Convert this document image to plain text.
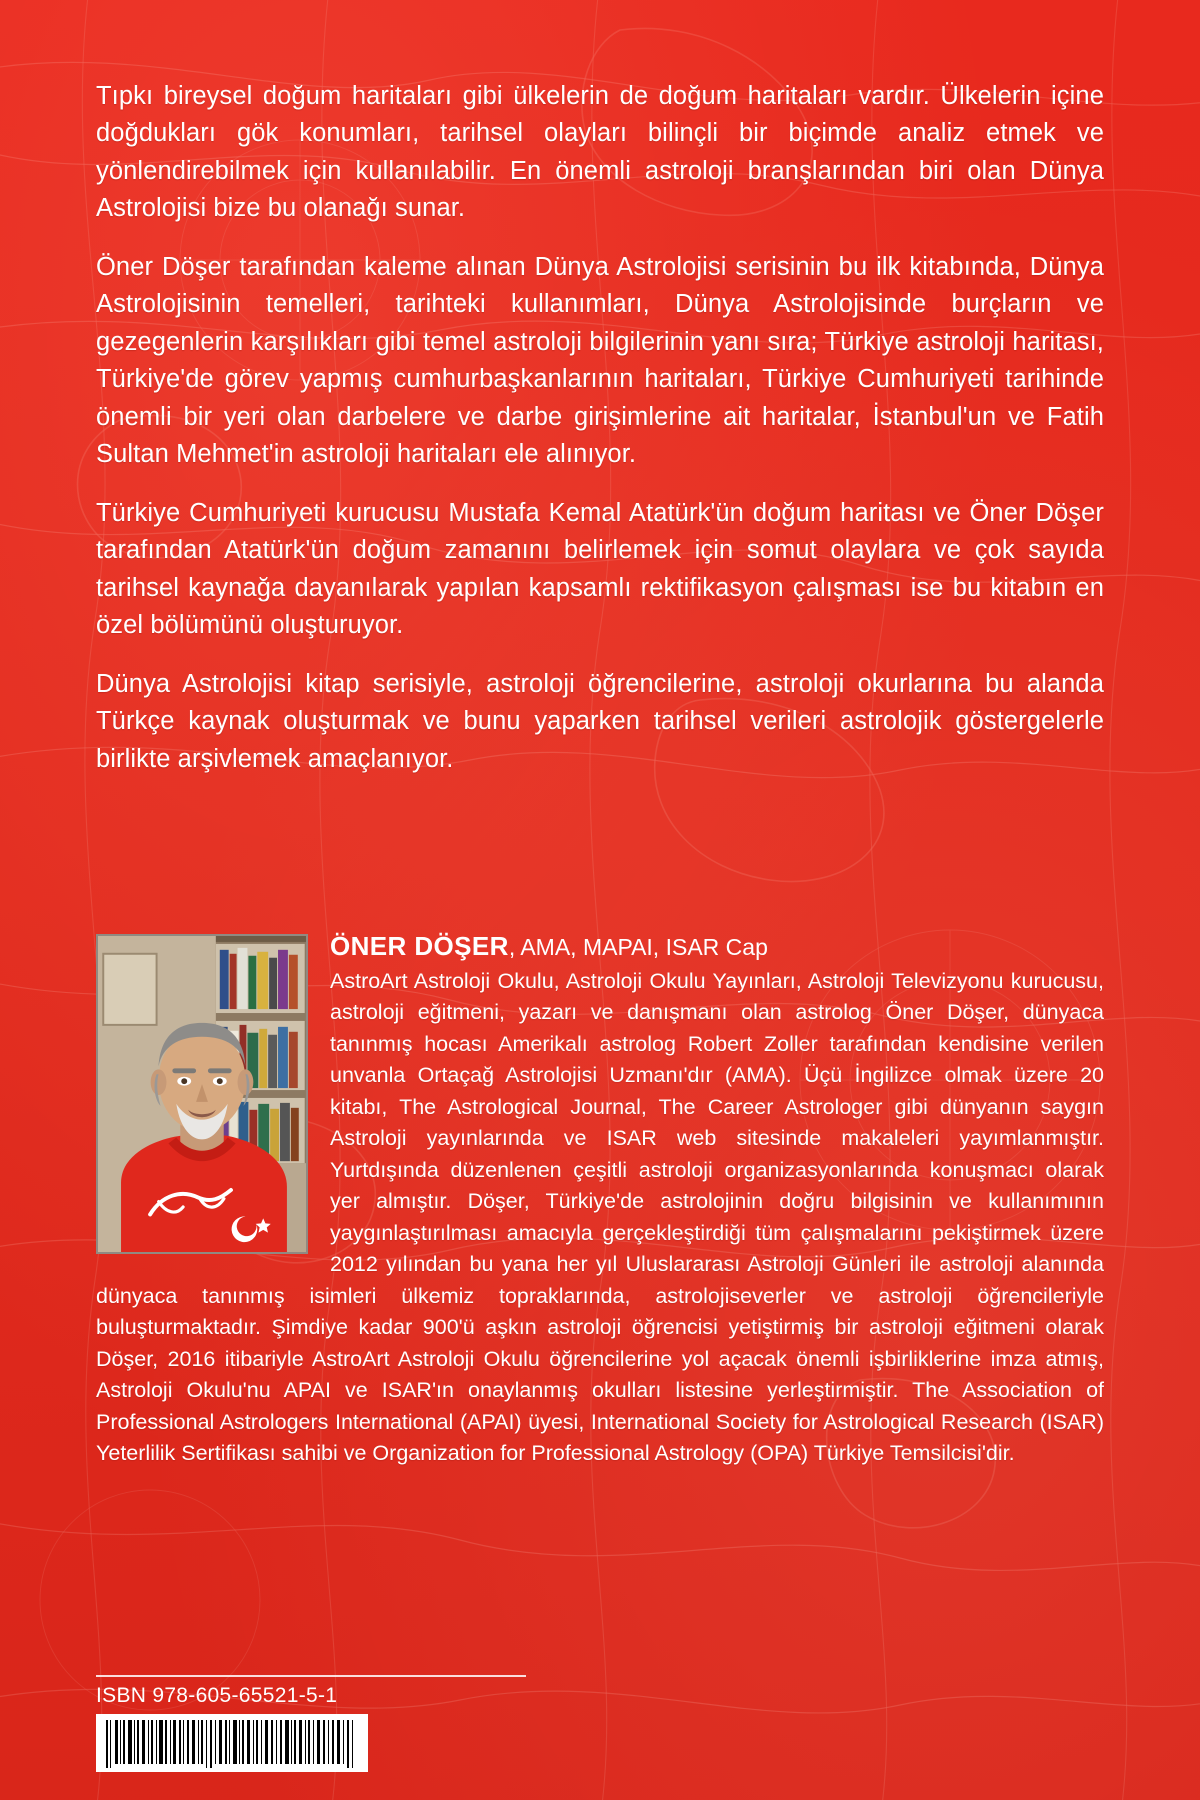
Tıpkı bireysel doğum haritaları gibi ülkelerin de doğum haritaları vardır. Ülkelerin içine doğdukları gök konumları, tarihsel olayları bilinçli bir biçimde analiz etmek ve yönlendirebilmek için kullanılabilir. En önemli astroloji branşlarından biri olan Dünya Astrolojisi bize bu olanağı sunar.

Öner Döşer tarafından kaleme alınan Dünya Astrolojisi serisinin bu ilk kitabında, Dünya Astrolojisinin temelleri, tarihteki kullanımları, Dünya Astrolojisinde burçların ve gezegenlerin karşılıkları gibi temel astroloji bilgilerinin yanı sıra; Türkiye astroloji haritası, Türkiye'de görev yapmış cumhurbaşkanlarının haritaları, Türkiye Cumhuriyeti tarihinde önemli bir yeri olan darbelere ve darbe girişimlerine ait haritalar, İstanbul'un ve Fatih Sultan Mehmet'in astroloji haritaları ele alınıyor.

Türkiye Cumhuriyeti kurucusu Mustafa Kemal Atatürk'ün doğum haritası ve Öner Döşer tarafından Atatürk'ün doğum zamanını belirlemek için somut olaylara ve çok sayıda tarihsel kaynağa dayanılarak yapılan kapsamlı rektifikasyon çalışması ise bu kitabın en özel bölümünü oluşturuyor.

Dünya Astrolojisi kitap serisiyle, astroloji öğrencilerine, astroloji okurlarına bu alanda Türkçe kaynak oluşturmak ve bunu yaparken tarihsel verileri astrolojik göstergelerle birlikte arşivlemek amaçlanıyor.

ÖNER DÖŞER, AMA, MAPAI, ISAR Cap

AstroArt Astroloji Okulu, Astroloji Okulu Yayınları, Astroloji Televizyonu kurucusu, astroloji eğitmeni, yazarı ve danışmanı olan astrolog Öner Döşer, dünyaca tanınmış hocası Amerikalı astrolog Robert Zoller tarafından kendisine verilen unvanla Ortaçağ Astrolojisi Uzmanı'dır (AMA). Üçü İngilizce olmak üzere 20 kitabı, The Astrological Journal, The Career Astrologer gibi dünyanın saygın Astroloji yayınlarında ve ISAR web sitesinde makaleleri yayımlanmıştır. Yurtdışında düzenlenen çeşitli astroloji organizasyonlarında konuşmacı olarak yer almıştır. Döşer, Türkiye'de astrolojinin doğru bilgisinin ve kullanımının yaygınlaştırılması amacıyla gerçekleştirdiği tüm çalışmalarını pekiştirmek üzere 2012 yılından bu yana her yıl Uluslararası Astroloji Günleri ile astroloji alanında dünyaca tanınmış isimleri ülkemiz topraklarında, astrolojiseverler ve astroloji öğrencileriyle buluşturmaktadır. Şimdiye kadar 900'ü aşkın astroloji öğrencisi yetiştirmiş bir astroloji eğitmeni olarak Döşer, 2016 itibariyle AstroArt Astroloji Okulu öğrencilerine yol açacak önemli işbirliklerine imza atmış, Astroloji Okulu'nu APAI ve ISAR'ın onaylanmış okulları listesine yerleştirmiştir. The Association of Professional Astrologers International (APAI) üyesi, International Society for Astrological Research (ISAR) Yeterlilik Sertifikası sahibi ve Organization for Professional Astrology (OPA) Türkiye Temsilcisi'dir.

ISBN 978-605-65521-5-1
